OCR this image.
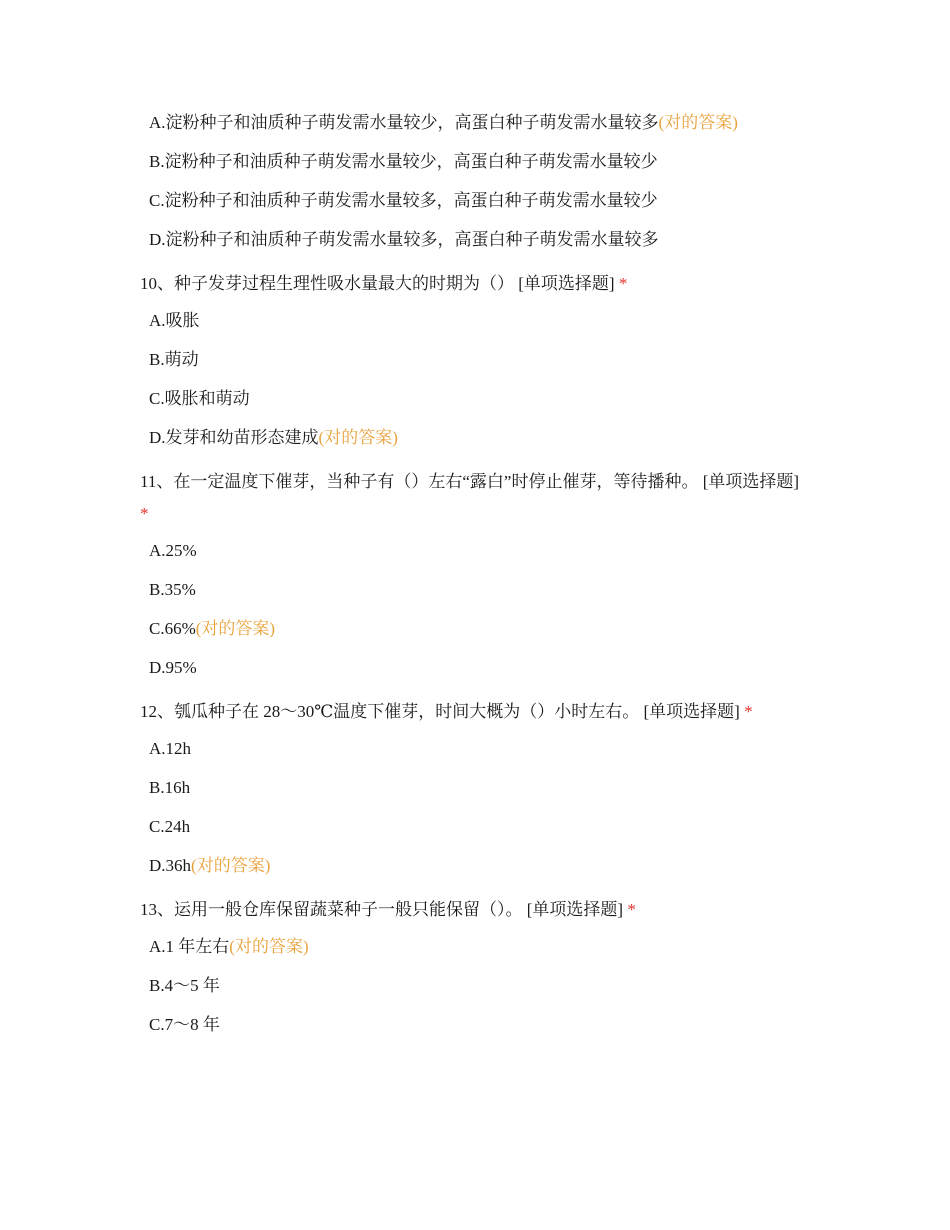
A.淀粉种子和油质种子萌发需水量较少，高蛋白种子萌发需水量较多(对的答案)
B.淀粉种子和油质种子萌发需水量较少，高蛋白种子萌发需水量较少
C.淀粉种子和油质种子萌发需水量较多，高蛋白种子萌发需水量较少
D.淀粉种子和油质种子萌发需水量较多，高蛋白种子萌发需水量较多
10、种子发芽过程生理性吸水量最大的时期为（） [单项选择题] *
A.吸胀
B.萌动
C.吸胀和萌动
D.发芽和幼苗形态建成(对的答案)
11、在一定温度下催芽，当种子有（）左右“露白”时停止催芽，等待播种。 [单项选择题] *
A.25%
B.35%
C.66%(对的答案)
D.95%
12、瓠瓜种子在 28～30℃温度下催芽，时间大概为（）小时左右。 [单项选择题] *
A.12h
B.16h
C.24h
D.36h(对的答案)
13、运用一般仓库保留蔬菜种子一般只能保留（）。 [单项选择题] *
A.1 年左右(对的答案)
B.4～5 年
C.7～8 年
